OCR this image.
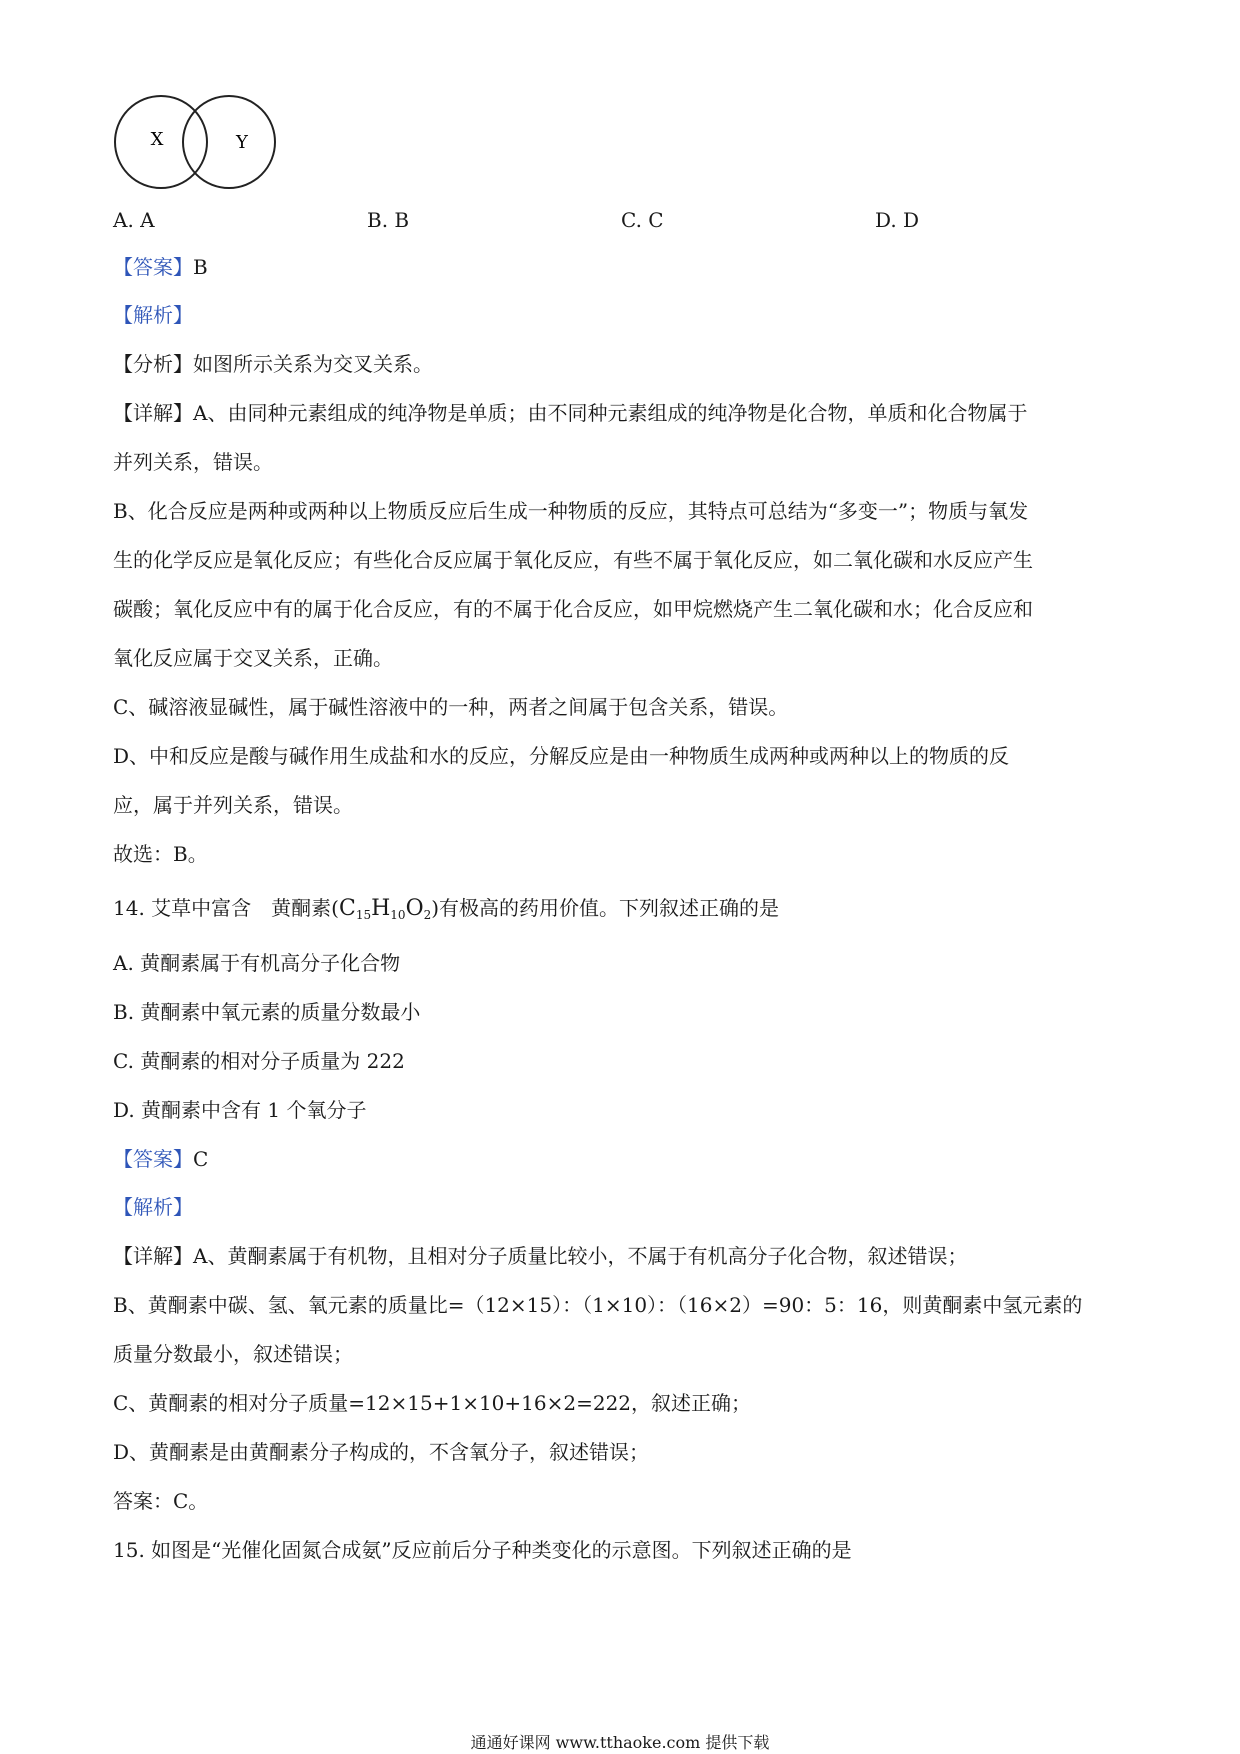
X	Y
A. A	B. B	C. C	D. D
【答案】B
【解析】
【分析】如图所示关系为交叉关系。
【详解】A、由同种元素组成的纯净物是单质；由不同种元素组成的纯净物是化合物，单质和化合物属于
并列关系，错误。
B、化合反应是两种或两种以上物质反应后生成一种物质的反应，其特点可总结为“多变一”；物质与氧发
生的化学反应是氧化反应；有些化合反应属于氧化反应，有些不属于氧化反应，如二氧化碳和水反应产生
碳酸；氧化反应中有的属于化合反应，有的不属于化合反应，如甲烷燃烧产生二氧化碳和水；化合反应和
氧化反应属于交叉关系，正确。
C、碱溶液显碱性，属于碱性溶液中的一种，两者之间属于包含关系，错误。
D、中和反应是酸与碱作用生成盐和水的反应，分解反应是由一种物质生成两种或两种以上的物质的反
应，属于并列关系，错误。
故选：B。
14. 艾草中富含　黄酮素$(C_{15}H_{10}O_2)$有极高的药用价值。下列叙述正确的是
A. 黄酮素属于有机高分子化合物
B. 黄酮素中氧元素的质量分数最小
C. 黄酮素的相对分子质量为 222
D. 黄酮素中含有 1 个氧分子
【答案】C
【解析】
【详解】A、黄酮素属于有机物，且相对分子质量比较小，不属于有机高分子化合物，叙述错误；
B、黄酮素中碳、氢、氧元素的质量比=（12×15）：（1×10）：（16×2）=90：5：16，则黄酮素中氢元素的
质量分数最小，叙述错误；
C、黄酮素的相对分子质量=12×15+1×10+16×2=222，叙述正确；
D、黄酮素是由黄酮素分子构成的，不含氧分子，叙述错误；
答案：C。
15. 如图是“光催化固氮合成氨”反应前后分子种类变化的示意图。下列叙述正确的是
通通好课网 www.tthaoke.com 提供下载
